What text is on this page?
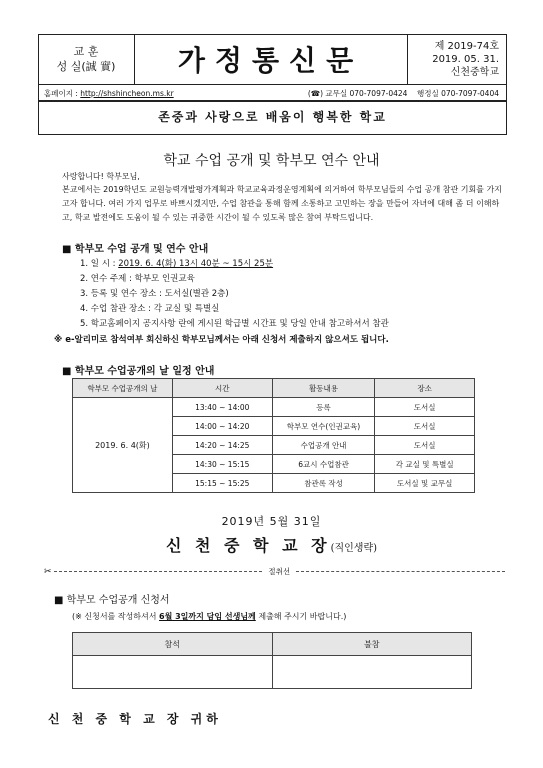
교 훈
성 실(誠 實) 가정통신문	제 2019-74호
2019. 05. 31.
신천중학교
홈페이지 : http://shshincheon.ms.kr	(☎) 교무실 070-7097-0424 행정실 070-7097-0404
존중과 사랑으로 배움이 행복한 학교
학교 수업 공개 및 학부모 연수 안내
사랑합니다! 학부모님,
본교에서는 2019학년도 교원능력개발평가계획과 학교교육과정운영계획에 의거하여 학부모님들의 수업 공개 참관 기회를 가지고자 합니다. 여러 가지 업무로 바쁘시겠지만, 수업 참관을 통해 함께 소통하고 고민하는 장을 만들어 자녀에 대해 좀 더 이해하고, 학교 발전에도 도움이 될 수 있는 귀중한 시간이 될 수 있도록 많은 참여 부탁드립니다.
■ 학부모 수업 공개 및 연수 안내
1. 일 시 : 2019. 6. 4(화) 13시 40분 ~ 15시 25분
2. 연수 주제 : 학부모 인권교육
3. 등록 및 연수 장소 : 도서실(별관 2층)
4. 수업 참관 장소 : 각 교실 및 특별실
5. 학교홈페이지 공지사항 란에 게시된 학급별 시간표 및 당일 안내 참고하셔서 참관
※ e-알리미로 참석여부 회신하신 학부모님께서는 아래 신청서 제출하지 않으셔도 됩니다.
■ 학부모 수업공개의 날 일정 안내
학부모 수업공개의 날	시간	활동내용	장소
2019. 6. 4(화)	13:40 ~ 14:00	등록	도서실
	14:00 ~ 14:20	학부모 연수(인권교육)	도서실
	14:20 ~ 14:25	수업공개 안내	도서실
	14:30 ~ 15:15	6교시 수업참관	각 교실 및 특별실
	15:15 ~ 15:25	참관록 작성	도서실 및 교무실
2019년 5월 31일
신 천 중 학 교 장(직인생략)
✂	절취선
■ 학부모 수업공개 신청서
(※ 신청서를 작성하셔서 6월 3일까지 담임 선생님께 제출해 주시기 바랍니다.)
참석	불참

신 천 중 학 교 장 귀하
